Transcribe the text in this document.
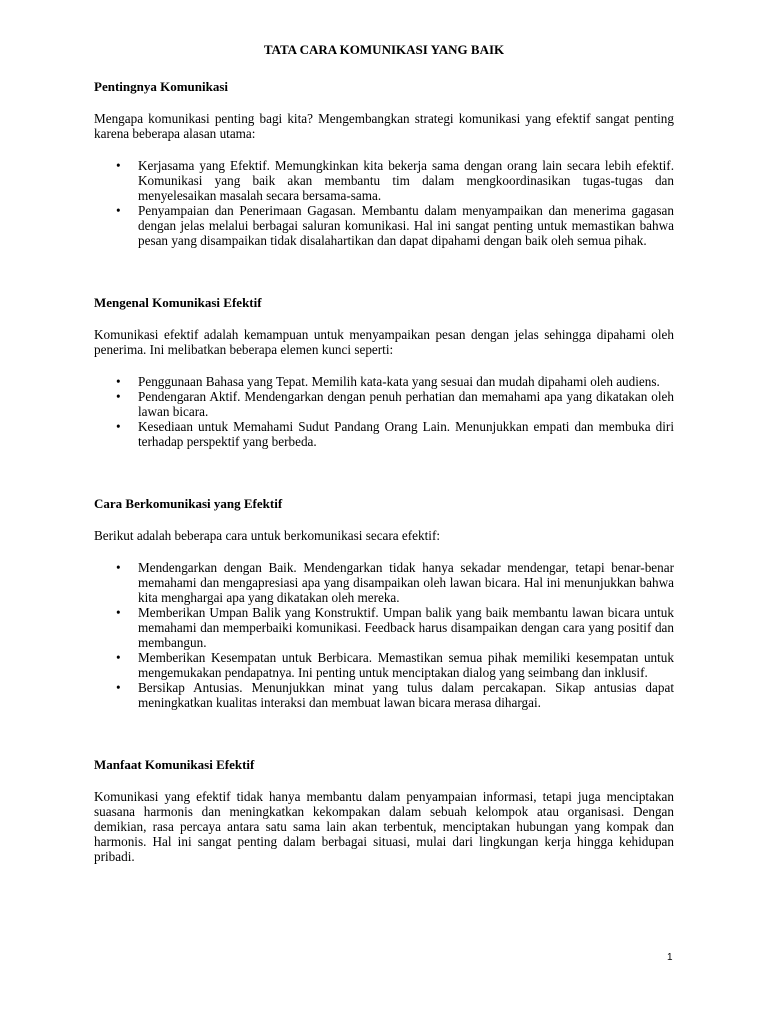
TATA CARA KOMUNIKASI YANG BAIK
Pentingnya Komunikasi

Mengapa komunikasi penting bagi kita? Mengembangkan strategi komunikasi yang efektif sangat penting karena beberapa alasan utama:

• Kerjasama yang Efektif. Memungkinkan kita bekerja sama dengan orang lain secara lebih efektif. Komunikasi yang baik akan membantu tim dalam mengkoordinasikan tugas-tugas dan menyelesaikan masalah secara bersama-sama.
• Penyampaian dan Penerimaan Gagasan. Membantu dalam menyampaikan dan menerima gagasan dengan jelas melalui berbagai saluran komunikasi. Hal ini sangat penting untuk memastikan bahwa pesan yang disampaikan tidak disalahartikan dan dapat dipahami dengan baik oleh semua pihak.
Mengenal Komunikasi Efektif

Komunikasi efektif adalah kemampuan untuk menyampaikan pesan dengan jelas sehingga dipahami oleh penerima. Ini melibatkan beberapa elemen kunci seperti:

• Penggunaan Bahasa yang Tepat. Memilih kata-kata yang sesuai dan mudah dipahami oleh audiens.
• Pendengaran Aktif. Mendengarkan dengan penuh perhatian dan memahami apa yang dikatakan oleh lawan bicara.
• Kesediaan untuk Memahami Sudut Pandang Orang Lain. Menunjukkan empati dan membuka diri terhadap perspektif yang berbeda.
Cara Berkomunikasi yang Efektif

Berikut adalah beberapa cara untuk berkomunikasi secara efektif:

• Mendengarkan dengan Baik. Mendengarkan tidak hanya sekadar mendengar, tetapi benar-benar memahami dan mengapresiasi apa yang disampaikan oleh lawan bicara. Hal ini menunjukkan bahwa kita menghargai apa yang dikatakan oleh mereka.
• Memberikan Umpan Balik yang Konstruktif. Umpan balik yang baik membantu lawan bicara untuk memahami dan memperbaiki komunikasi. Feedback harus disampaikan dengan cara yang positif dan membangun.
• Memberikan Kesempatan untuk Berbicara. Memastikan semua pihak memiliki kesempatan untuk mengemukakan pendapatnya. Ini penting untuk menciptakan dialog yang seimbang dan inklusif.
• Bersikap Antusias. Menunjukkan minat yang tulus dalam percakapan. Sikap antusias dapat meningkatkan kualitas interaksi dan membuat lawan bicara merasa dihargai.
Manfaat Komunikasi Efektif

Komunikasi yang efektif tidak hanya membantu dalam penyampaian informasi, tetapi juga menciptakan suasana harmonis dan meningkatkan kekompakan dalam sebuah kelompok atau organisasi. Dengan demikian, rasa percaya antara satu sama lain akan terbentuk, menciptakan hubungan yang kompak dan harmonis. Hal ini sangat penting dalam berbagai situasi, mulai dari lingkungan kerja hingga kehidupan pribadi.

1
